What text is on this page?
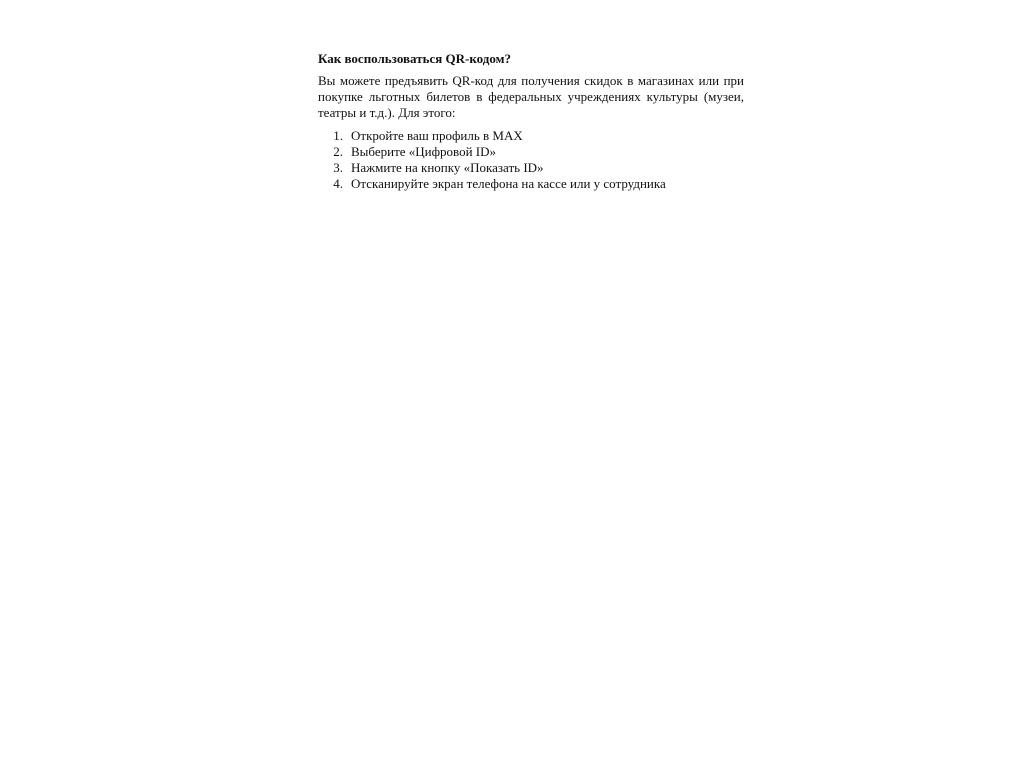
Как воспользоваться QR-кодом?

Вы можете предъявить QR-код для получения скидок в магазинах или при покупке льготных билетов в федеральных учреждениях культуры (музеи, театры и т.д.). Для этого:

1. Откройте ваш профиль в MAX
2. Выберите «Цифровой ID»
3. Нажмите на кнопку «Показать ID»
4. Отсканируйте экран телефона на кассе или у сотрудника
